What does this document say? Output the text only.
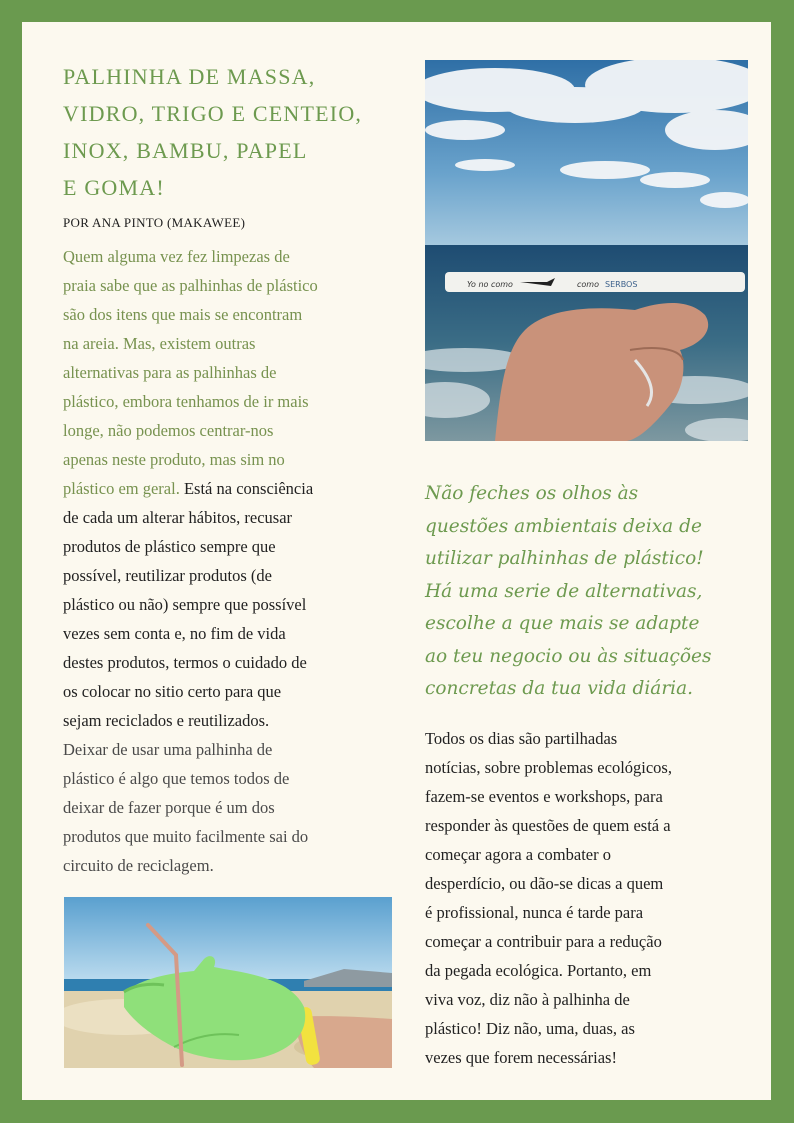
PALHINHA DE MASSA,
VIDRO, TRIGO E CENTEIO,
INOX, BAMBU, PAPEL
E GOMA!
POR ANA PINTO (MAKAWEE)
Quem alguma vez fez limpezas de
praia sabe que as palhinhas de plástico
são dos itens que mais se encontram
na areia. Mas, existem outras
alternativas para as palhinhas de
plástico, embora tenhamos de ir mais
longe, não podemos centrar-nos
apenas neste produto, mas sim no
plástico em geral. Está na consciência
de cada um alterar hábitos, recusar
produtos de plástico sempre que
possível, reutilizar produtos (de
plástico ou não) sempre que possível
vezes sem conta e, no fim de vida
destes produtos, termos o cuidado de
os colocar no sitio certo para que
sejam reciclados e reutilizados.
Deixar de usar uma palhinha de
plástico é algo que temos todos de
deixar de fazer porque é um dos
produtos que muito facilmente sai do
circuito de reciclagem.
Yo no como	como SERBOS
Não feches os olhos às
questões ambientais deixa de
utilizar palhinhas de plástico!
Há uma serie de alternativas,
escolhe a que mais se adapte
ao teu negocio ou às situações
concretas da tua vida diária.
Todos os dias são partilhadas
notícias, sobre problemas ecológicos,
fazem-se eventos e workshops, para
responder às questões de quem está a
começar agora a combater o
desperdício, ou dão-se dicas a quem
é profissional, nunca é tarde para
começar a contribuir para a redução
da pegada ecológica. Portanto, em
viva voz, diz não à palhinha de
plástico! Diz não, uma, duas, as
vezes que forem necessárias!
